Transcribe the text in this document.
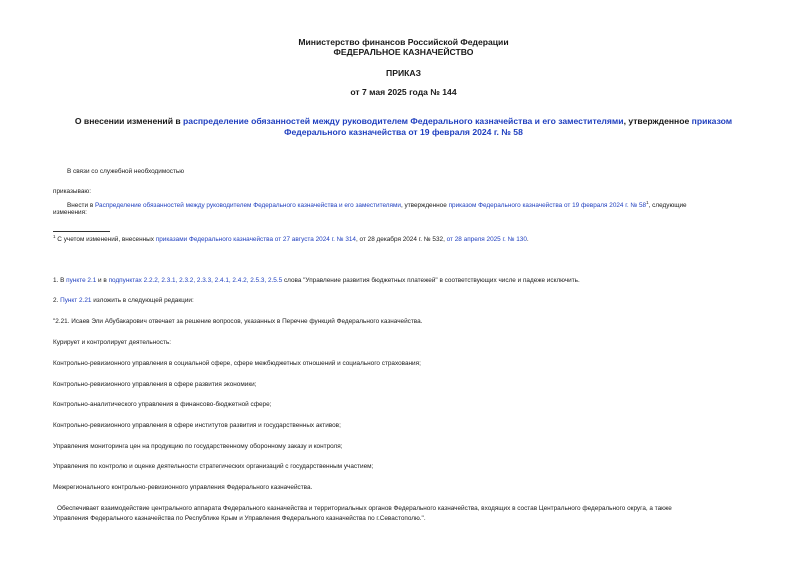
Министерство финансов Российской Федерации
ФЕДЕРАЛЬНОЕ КАЗНАЧЕЙСТВО
ПРИКАЗ
от 7 мая 2025 года № 144
О внесении изменений в распределение обязанностей между руководителем Федерального казначейства и его заместителями, утвержденное приказом
Федерального казначейства от 19 февраля 2024 г. № 58
В связи со служебной необходимостью
приказываю:
Внести в Распределение обязанностей между руководителем Федерального казначейства и его заместителями, утвержденное приказом Федерального казначейства от 19 февраля 2024 г. № 58$^1$, следующие
изменения:
$^1$ С учетом изменений, внесенных приказами Федерального казначейства от 27 августа 2024 г. № 314, от 28 декабря 2024 г. № 532, от 28 апреля 2025 г. № 130.
1. В пункте 2.1 и в подпунктах 2.2.2, 2.3.1, 2.3.2, 2.3.3, 2.4.1, 2.4.2, 2.5.3, 2.5.5 слова "Управление развития бюджетных платежей" в соответствующих числе и падеже исключить.
2. Пункт 2.21 изложить в следующей редакции:
"2.21. Исаев Эли Абубакарович отвечает за решение вопросов, указанных в Перечне функций Федерального казначейства.
Курирует и контролирует деятельность:
Контрольно-ревизионного управления в социальной сфере, сфере межбюджетных отношений и социального страхования;
Контрольно-ревизионного управления в сфере развития экономики;
Контрольно-аналитического управления в финансово-бюджетной сфере;
Контрольно-ревизионного управления в сфере институтов развития и государственных активов;
Управления мониторинга цен на продукцию по государственному оборонному заказу и контроля;
Управления по контролю и оценке деятельности стратегических организаций с государственным участием;
Межрегионального контрольно-ревизионного управления Федерального казначейства.
Обеспечивает взаимодействие центрального аппарата Федерального казначейства и территориальных органов Федерального казначейства, входящих в состав Центрального федерального округа, а также
Управления Федерального казначейства по Республике Крым и Управления Федерального казначейства по г.Севастополю.".
